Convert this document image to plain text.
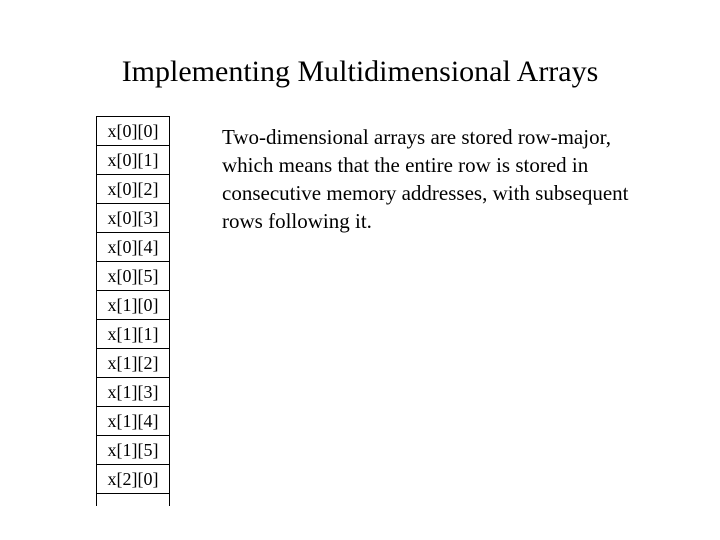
Implementing Multidimensional Arrays
x[0][0]
x[0][1]
x[0][2]
x[0][3]
x[0][4]
x[0][5]
x[1][0]
x[1][1]
x[1][2]
x[1][3]
x[1][4]
x[1][5]
x[2][0]
Two-dimensional arrays are stored row-major,
which means that the entire row is stored in
consecutive memory addresses, with subsequent
rows following it.
